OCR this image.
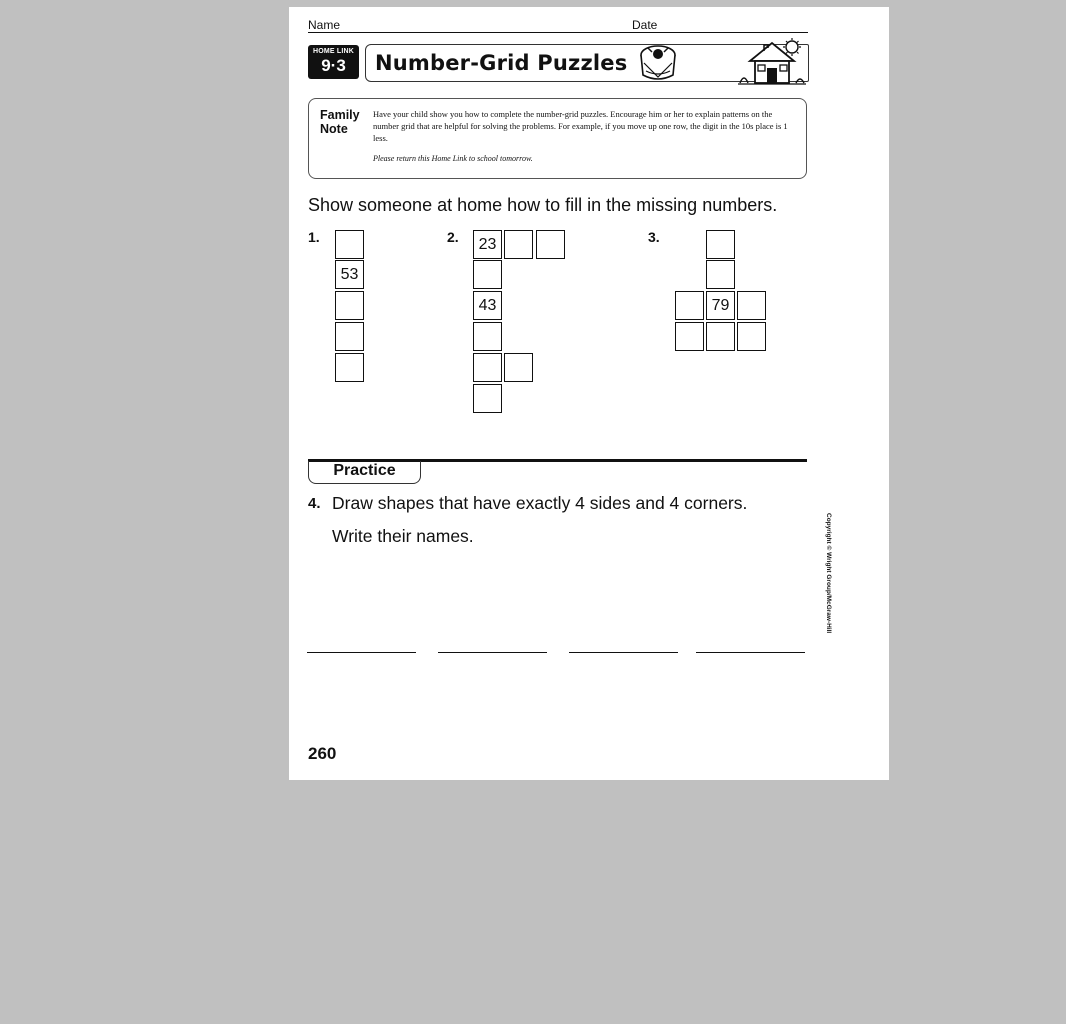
Name	Date
HOME LINK
9·3	Number-Grid Puzzles
Family Note
Have your child show you how to complete the number-grid puzzles. Encourage him or her to explain patterns on the number grid that are helpful for solving the problems. For example, if you move up one row, the digit in the 10s place is 1 less.
Please return this Home Link to school tomorrow.
Show someone at home how to fill in the missing numbers.
1.
53
2.	23
43
3.
79
Practice
4. Draw shapes that have exactly 4 sides and 4 corners.
Write their names.	Copyright © Wright Group/McGraw-Hill
260
